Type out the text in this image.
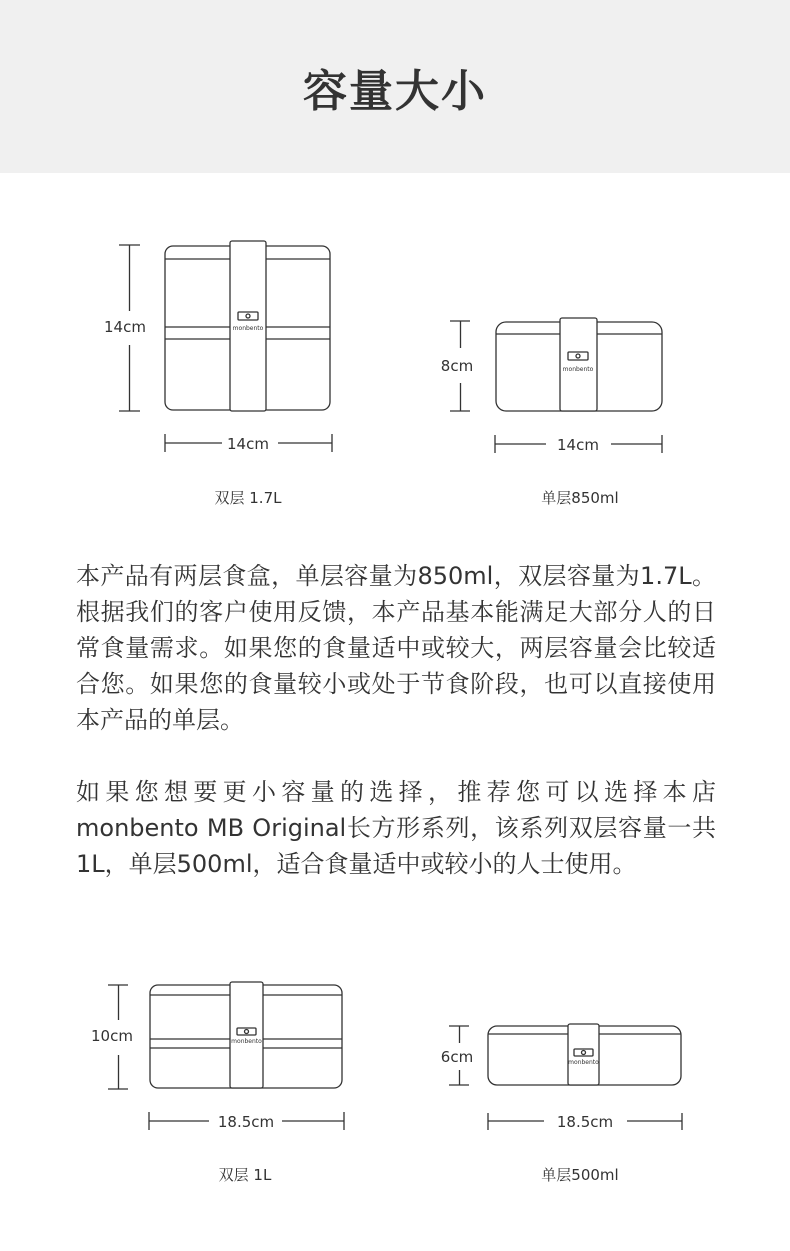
容量大小
14cm	monbento
14cm
双层 1.7L
8cm	monbento
14cm
单层850ml

本产品有两层食盒，单层容量为850ml，双层容量为1.7L。根据我们的客户使用反馈，本产品基本能满足大部分人的日常食量需求。如果您的食量适中或较大，两层容量会比较适合您。如果您的食量较小或处于节食阶段，也可以直接使用本产品的单层。

如果您想要更小容量的选择，推荐您可以选择本店monbento MB Original长方形系列，该系列双层容量一共1L，单层500ml，适合食量适中或较小的人士使用。

10cm	monbento
18.5cm
双层 1L
6cm	monbento
18.5cm
单层500ml
